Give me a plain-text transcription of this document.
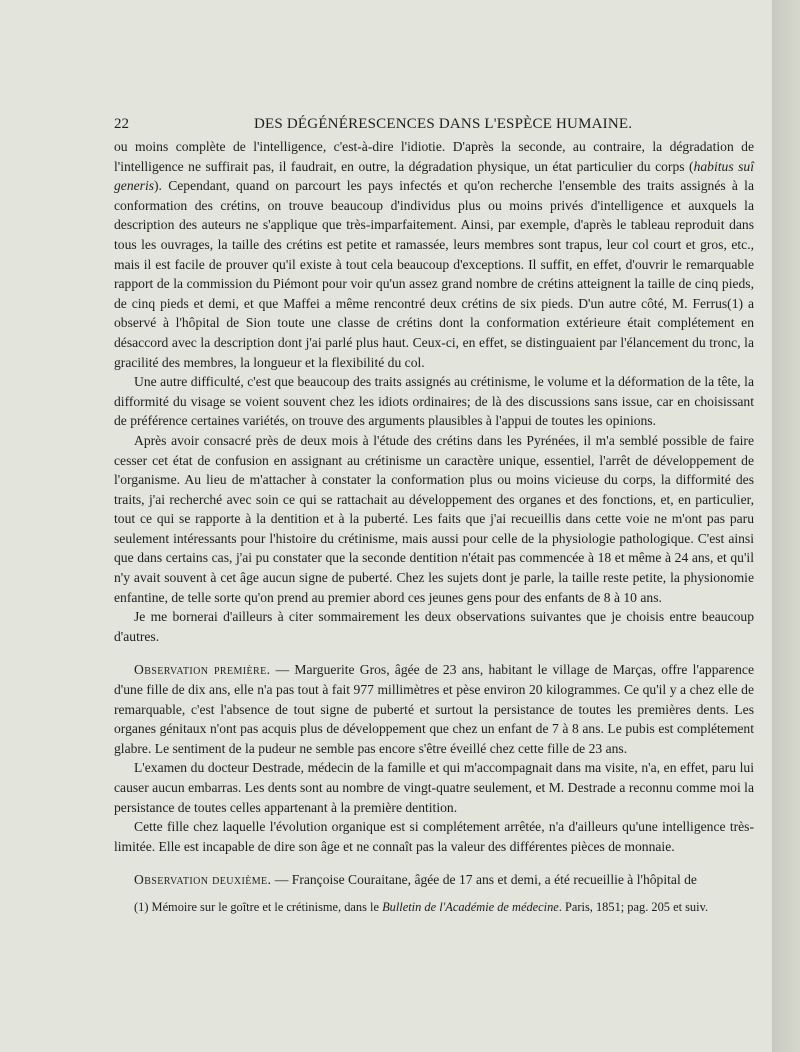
22	DES DÉGÉNÉRESCENCES DANS L'ESPÈCE HUMAINE.

ou moins complète de l'intelligence, c'est-à-dire l'idiotie. D'après la seconde, au contraire, la dégradation de l'intelligence ne suffirait pas, il faudrait, en outre, la dégradation physique, un état particulier du corps (habitus suî generis). Cependant, quand on parcourt les pays infectés et qu'on recherche l'ensemble des traits assignés à la conformation des crétins, on trouve beaucoup d'individus plus ou moins privés d'intelligence et auxquels la description des auteurs ne s'applique que très-imparfaitement. Ainsi, par exemple, d'après le tableau reproduit dans tous les ouvrages, la taille des crétins est petite et ramassée, leurs membres sont trapus, leur col court et gros, etc., mais il est facile de prouver qu'il existe à tout cela beaucoup d'exceptions. Il suffit, en effet, d'ouvrir le remarquable rapport de la commission du Piémont pour voir qu'un assez grand nombre de crétins atteignent la taille de cinq pieds, de cinq pieds et demi, et que Maffei a même rencontré deux crétins de six pieds. D'un autre côté, M. Ferrus(1) a observé à l'hôpital de Sion toute une classe de crétins dont la conformation extérieure était complétement en désaccord avec la description dont j'ai parlé plus haut. Ceux-ci, en effet, se distinguaient par l'élancement du tronc, la gracilité des membres, la longueur et la flexibilité du col.

Une autre difficulté, c'est que beaucoup des traits assignés au crétinisme, le volume et la déformation de la tête, la difformité du visage se voient souvent chez les idiots ordinaires; de là des discussions sans issue, car en choisissant de préférence certaines variétés, on trouve des arguments plausibles à l'appui de toutes les opinions.

Après avoir consacré près de deux mois à l'étude des crétins dans les Pyrénées, il m'a semblé possible de faire cesser cet état de confusion en assignant au crétinisme un caractère unique, essentiel, l'arrêt de développement de l'organisme. Au lieu de m'attacher à constater la conformation plus ou moins vicieuse du corps, la difformité des traits, j'ai recherché avec soin ce qui se rattachait au développement des organes et des fonctions, et, en particulier, tout ce qui se rapporte à la dentition et à la puberté. Les faits que j'ai recueillis dans cette voie ne m'ont pas paru seulement intéressants pour l'histoire du crétinisme, mais aussi pour celle de la physiologie pathologique. C'est ainsi que dans certains cas, j'ai pu constater que la seconde dentition n'était pas commencée à 18 et même à 24 ans, et qu'il n'y avait souvent à cet âge aucun signe de puberté. Chez les sujets dont je parle, la taille reste petite, la physionomie enfantine, de telle sorte qu'on prend au premier abord ces jeunes gens pour des enfants de 8 à 10 ans.

Je me bornerai d'ailleurs à citer sommairement les deux observations suivantes que je choisis entre beaucoup d'autres.

Observation première. — Marguerite Gros, âgée de 23 ans, habitant le village de Marças, offre l'apparence d'une fille de dix ans, elle n'a pas tout à fait 977 millimètres et pèse environ 20 kilogrammes. Ce qu'il y a chez elle de remarquable, c'est l'absence de tout signe de puberté et surtout la persistance de toutes les premières dents. Les organes génitaux n'ont pas acquis plus de développement que chez un enfant de 7 à 8 ans. Le pubis est complétement glabre. Le sentiment de la pudeur ne semble pas encore s'être éveillé chez cette fille de 23 ans.

L'examen du docteur Destrade, médecin de la famille et qui m'accompagnait dans ma visite, n'a, en effet, paru lui causer aucun embarras. Les dents sont au nombre de vingt-quatre seulement, et M. Destrade a reconnu comme moi la persistance de toutes celles appartenant à la première dentition.

Cette fille chez laquelle l'évolution organique est si complétement arrêtée, n'a d'ailleurs qu'une intelligence très-limitée. Elle est incapable de dire son âge et ne connaît pas la valeur des différentes pièces de monnaie.

Observation deuxième. — Françoise Couraitane, âgée de 17 ans et demi, a été recueillie à l'hôpital de

(1) Mémoire sur le goître et le crétinisme, dans le Bulletin de l'Académie de médecine. Paris, 1851; pag. 205 et suiv.
